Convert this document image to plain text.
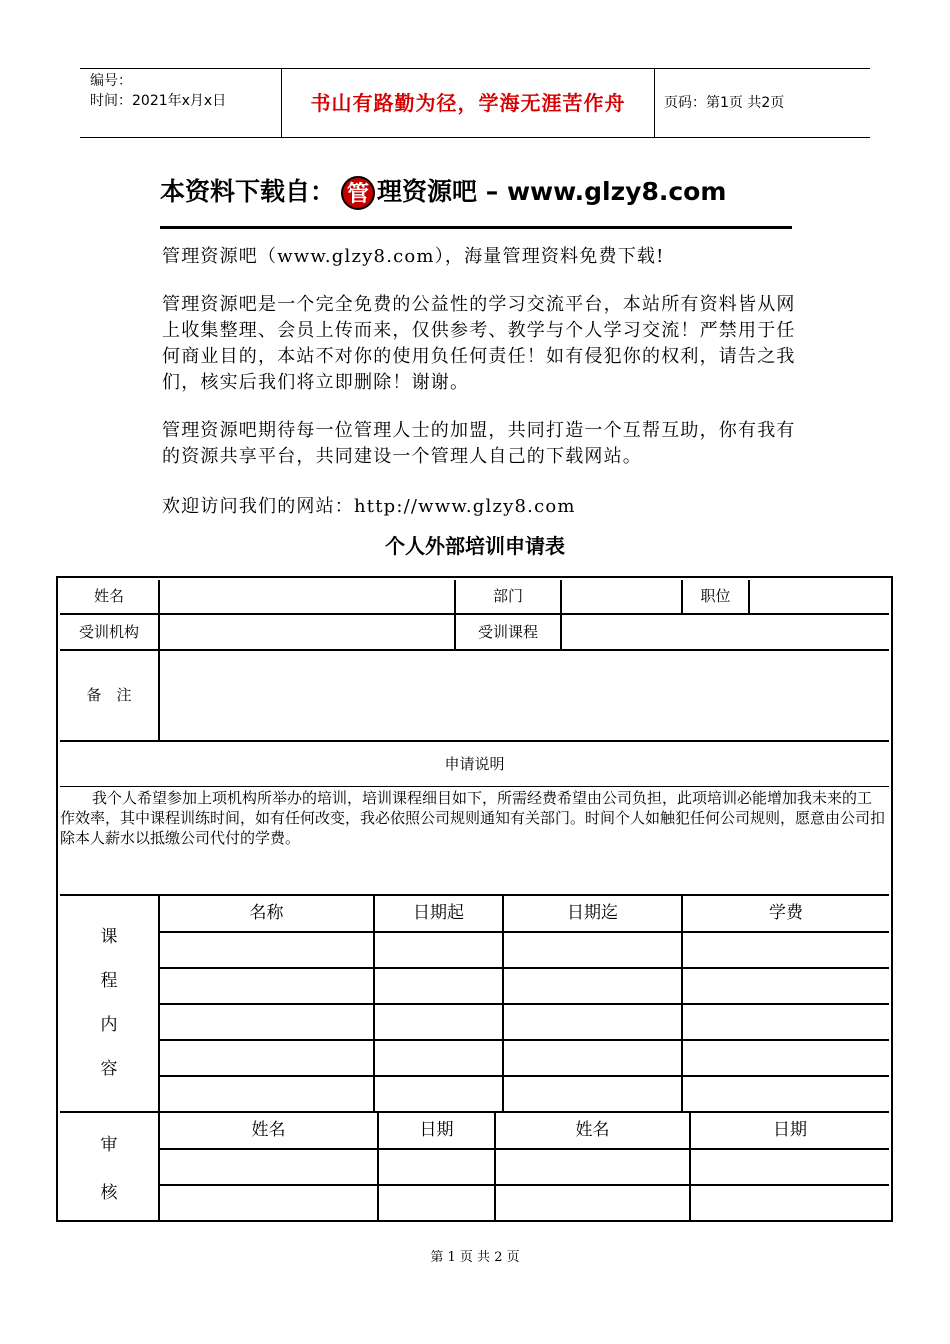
编号：
时间：2021年x月x日	书山有路勤为径，学海无涯苦作舟	页码：第1页 共2页
本资料下载自： 管 理资源吧 – www.glzy8.com
管理资源吧（www.glzy8.com），海量管理资料免费下载!
管理资源吧是一个完全免费的公益性的学习交流平台，本站所有资料皆从网上收集整理、会员上传而来，仅供参考、教学与个人学习交流！严禁用于任何商业目的，本站不对你的使用负任何责任！如有侵犯你的权利，请告之我们，核实后我们将立即删除！谢谢。
管理资源吧期待每一位管理人士的加盟，共同打造一个互帮互助，你有我有的资源共享平台，共同建设一个管理人自己的下载网站。
欢迎访问我们的网站：http://www.glzy8.com
个人外部培训申请表
姓名	部门	职位
受训机构	受训课程
备　注
申请说明
我个人希望参加上项机构所举办的培训，培训课程细目如下，所需经费希望由公司负担，此项培训必能增加我未来的工作效率，其中课程训练时间，如有任何改变，我必依照公司规则通知有关部门。时间个人如触犯任何公司规则，愿意由公司扣除本人薪水以抵缴公司代付的学费。
课
程
内
容
名称	日期起	日期迄	学费
审
核
姓名	日期	姓名	日期
第 1 页 共 2 页
